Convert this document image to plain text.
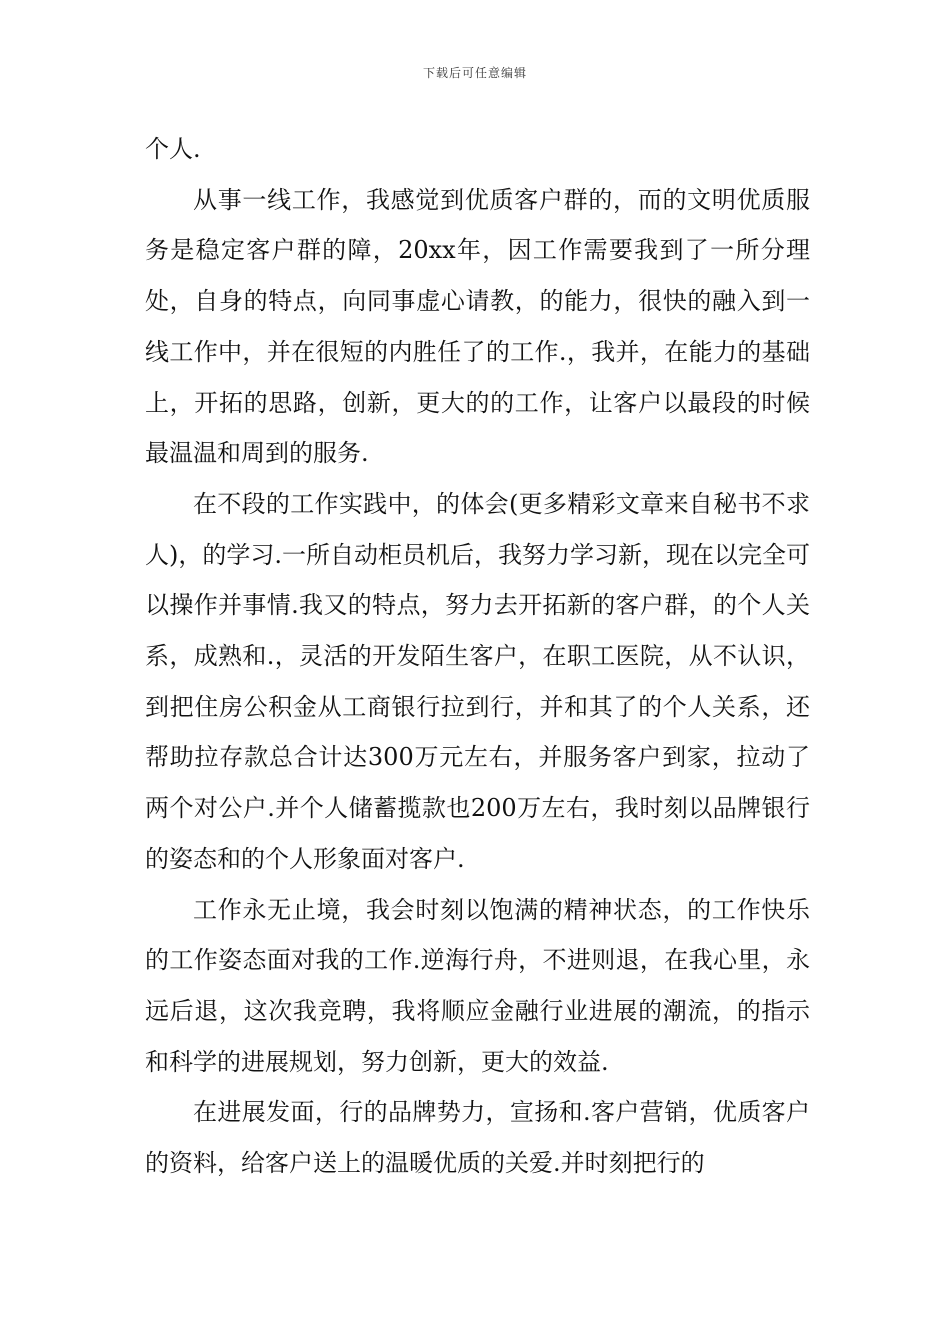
下载后可任意编辑

个人.

从事一线工作，我感觉到优质客户群的，而的文明优质服务是稳定客户群的障，20xx年，因工作需要我到了一所分理处，自身的特点，向同事虚心请教，的能力，很快的融入到一线工作中，并在很短的内胜任了的工作.，我并，在能力的基础上，开拓的思路，创新，更大的的工作，让客户以最段的时候最温温和周到的服务.

在不段的工作实践中，的体会(更多精彩文章来自秘书不求人)，的学习.一所自动柜员机后，我努力学习新，现在以完全可以操作并事情.我又的特点，努力去开拓新的客户群，的个人关系，成熟和.，灵活的开发陌生客户，在职工医院，从不认识，到把住房公积金从工商银行拉到行，并和其了的个人关系，还帮助拉存款总合计达300万元左右，并服务客户到家，拉动了两个对公户.并个人储蓄揽款也200万左右，我时刻以品牌银行的姿态和的个人形象面对客户.

工作永无止境，我会时刻以饱满的精神状态，的工作快乐的工作姿态面对我的工作.逆海行舟，不进则退，在我心里，永远后退，这次我竞聘，我将顺应金融行业进展的潮流，的指示和科学的进展规划，努力创新，更大的效益.

在进展发面，行的品牌势力，宣扬和.客户营销，优质客户的资料，给客户送上的温暖优质的关爱.并时刻把行的
